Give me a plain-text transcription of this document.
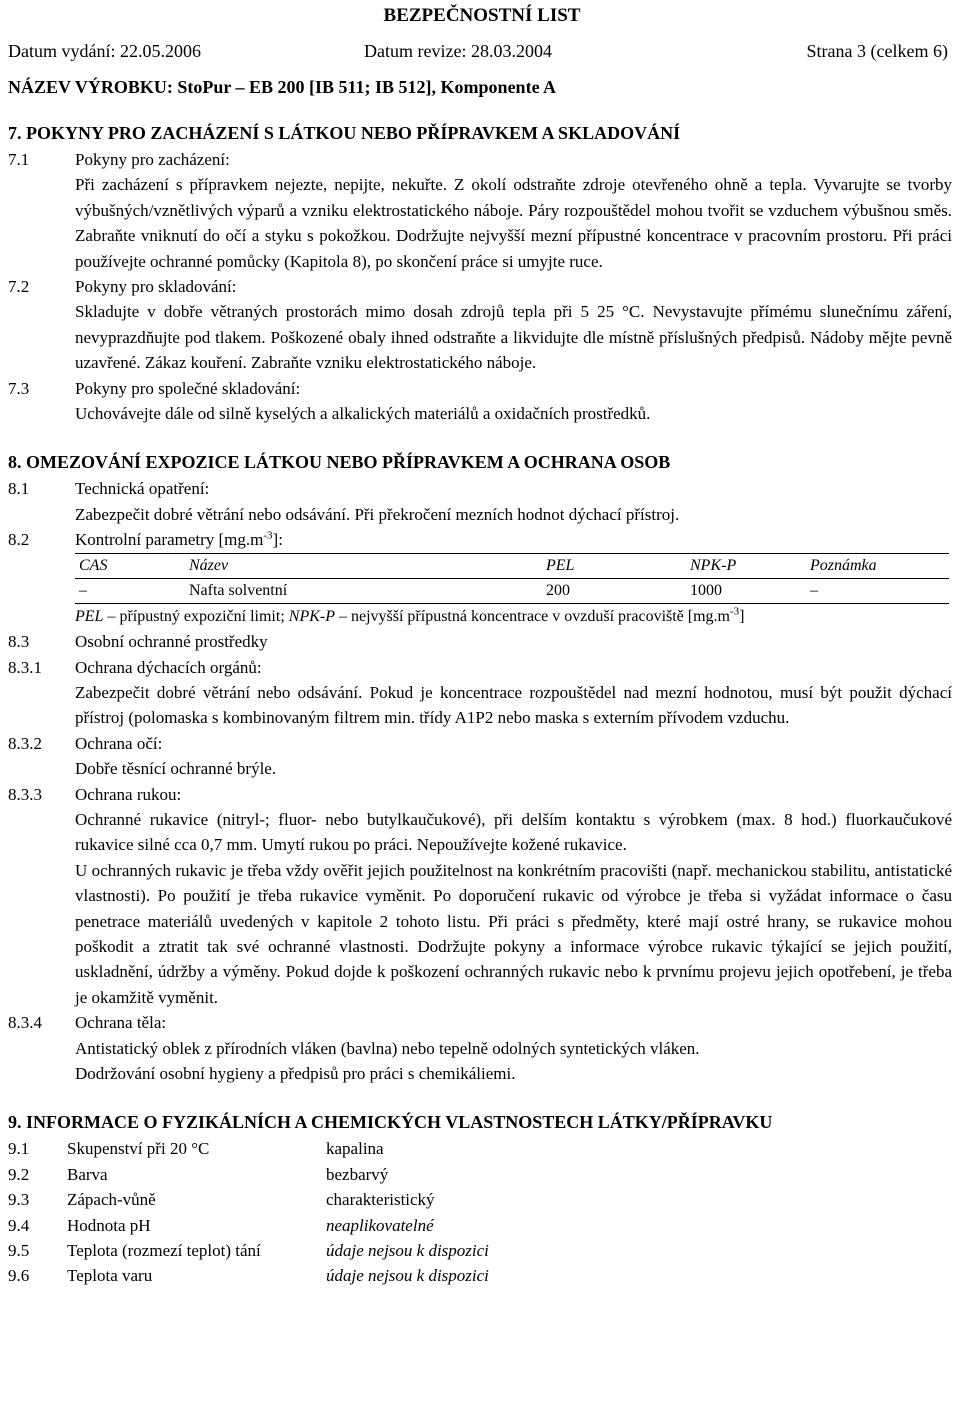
BEZPEČNOSTNÍ LIST
Datum vydání: 22.05.2006	Datum revize: 28.03.2004	Strana 3 (celkem 6)
NÁZEV VÝROBKU: StoPur – EB 200 [IB 511; IB 512], Komponente A
7. POKYNY PRO ZACHÁZENÍ S LÁTKOU NEBO PŘÍPRAVKEM A SKLADOVÁNÍ
7.1	Pokyny pro zacházení:
Při zacházení s přípravkem nejezte, nepijte, nekuřte. Z okolí odstraňte zdroje otevřeného ohně a tepla. Vyvarujte se tvorby výbušných/vznětlivých výparů a vzniku elektrostatického náboje. Páry rozpouštědel mohou tvořit se vzduchem výbušnou směs. Zabraňte vniknutí do očí a styku s pokožkou. Dodržujte nejvyšší mezní přípustné koncentrace v pracovním prostoru. Při práci používejte ochranné pomůcky (Kapitola 8), po skončení práce si umyjte ruce.
7.2	Pokyny pro skladování:
Skladujte v dobře větraných prostorách mimo dosah zdrojů tepla při 5 25 °C. Nevystavujte přímému slunečnímu záření, nevyprazdňujte pod tlakem. Poškozené obaly ihned odstraňte a likvidujte dle místně příslušných předpisů. Nádoby mějte pevně uzavřené. Zákaz kouření. Zabraňte vzniku elektrostatického náboje.
7.3	Pokyny pro společné skladování:
Uchovávejte dále od silně kyselých a alkalických materiálů a oxidačních prostředků.
8. OMEZOVÁNÍ EXPOZICE LÁTKOU NEBO PŘÍPRAVKEM A OCHRANA OSOB
8.1	Technická opatření:
Zabezpečit dobré větrání nebo odsávání. Při překročení mezních hodnot dýchací přístroj.
8.2	Kontrolní parametry $[mg.m^{-3}]$:
CAS	Název	PEL	NPK-P	Poznámka
–	Nafta solventní	200	1000	–
PEL – přípustný expoziční limit; NPK-P – nejvyšší přípustná koncentrace v ovzduší pracoviště $[mg.m^{-3}]$
8.3	Osobní ochranné prostředky
8.3.1	Ochrana dýchacích orgánů:
Zabezpečit dobré větrání nebo odsávání. Pokud je koncentrace rozpouštědel nad mezní hodnotou, musí být použit dýchací přístroj (polomaska s kombinovaným filtrem min. třídy A1P2 nebo maska s externím přívodem vzduchu.
8.3.2	Ochrana očí:
Dobře těsnící ochranné brýle.
8.3.3	Ochrana rukou:
Ochranné rukavice (nitryl-; fluor- nebo butylkaučukové), při delším kontaktu s výrobkem (max. 8 hod.) fluorkaučukové rukavice silné cca 0,7 mm. Umytí rukou po práci. Nepoužívejte kožené rukavice.
U ochranných rukavic je třeba vždy ověřit jejich použitelnost na konkrétním pracovišti (např. mechanickou stabilitu, antistatické vlastnosti). Po použití je třeba rukavice vyměnit. Po doporučení rukavic od výrobce je třeba si vyžádat informace o času penetrace materiálů uvedených v kapitole 2 tohoto listu. Při práci s předměty, které mají ostré hrany, se rukavice mohou poškodit a ztratit tak své ochranné vlastnosti. Dodržujte pokyny a informace výrobce rukavic týkající se jejich použití, uskladnění, údržby a výměny. Pokud dojde k poškození ochranných rukavic nebo k prvnímu projevu jejich opotřebení, je třeba je okamžitě vyměnit.
8.3.4	Ochrana těla:
Antistatický oblek z přírodních vláken (bavlna) nebo tepelně odolných syntetických vláken.
Dodržování osobní hygieny a předpisů pro práci s chemikáliemi.
9. INFORMACE O FYZIKÁLNÍCH A CHEMICKÝCH VLASTNOSTECH LÁTKY/PŘÍPRAVKU
9.1 Skupenství při 20 °C	kapalina
9.2 Barva	bezbarvý
9.3 Zápach-vůně	charakteristický
9.4 Hodnota pH	neaplikovatelné
9.5 Teplota (rozmezí teplot) tání	údaje nejsou k dispozici
9.6 Teplota varu	údaje nejsou k dispozici
